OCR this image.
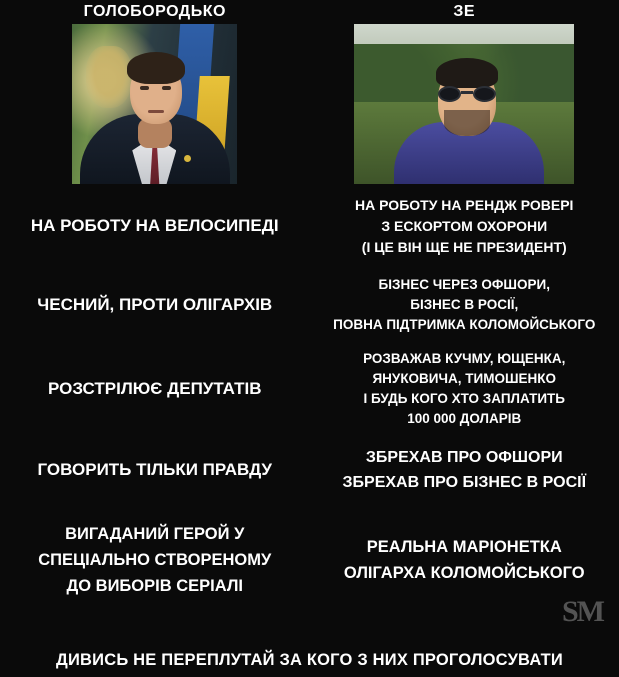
ГОЛОБОРОДЬКО	ЗЕ
НА РОБОТУ НА ВЕЛОСИПЕДІ
НА РОБОТУ НА РЕНДЖ РОВЕРІ
З ЕСКОРТОМ ОХОРОНИ
(І ЦЕ ВІН ЩЕ НЕ ПРЕЗИДЕНТ)
ЧЕСНИЙ, ПРОТИ ОЛІГАРХІВ
БІЗНЕС ЧЕРЕЗ ОФШОРИ,
БІЗНЕС В РОСІЇ,
ПОВНА ПІДТРИМКА КОЛОМОЙСЬКОГО
РОЗСТРІЛЮЄ ДЕПУТАТІВ
РОЗВАЖАВ КУЧМУ, ЮЩЕНКА,
ЯНУКОВИЧА, ТИМОШЕНКО
І БУДЬ КОГО ХТО ЗАПЛАТИТЬ
100 000 ДОЛАРІВ
ГОВОРИТЬ ТІЛЬКИ ПРАВДУ
ЗБРЕХАВ ПРО ОФШОРИ
ЗБРЕХАВ ПРО БІЗНЕС В РОСІЇ
ВИГАДАНИЙ ГЕРОЙ У
СПЕЦІАЛЬНО СТВОРЕНОМУ
ДО ВИБОРІВ СЕРІАЛІ
РЕАЛЬНА МАРІОНЕТКА
ОЛІГАРХА КОЛОМОЙСЬКОГО
SM
ДИВИСЬ НЕ ПЕРЕПЛУТАЙ ЗА КОГО З НИХ ПРОГОЛОСУВАТИ
